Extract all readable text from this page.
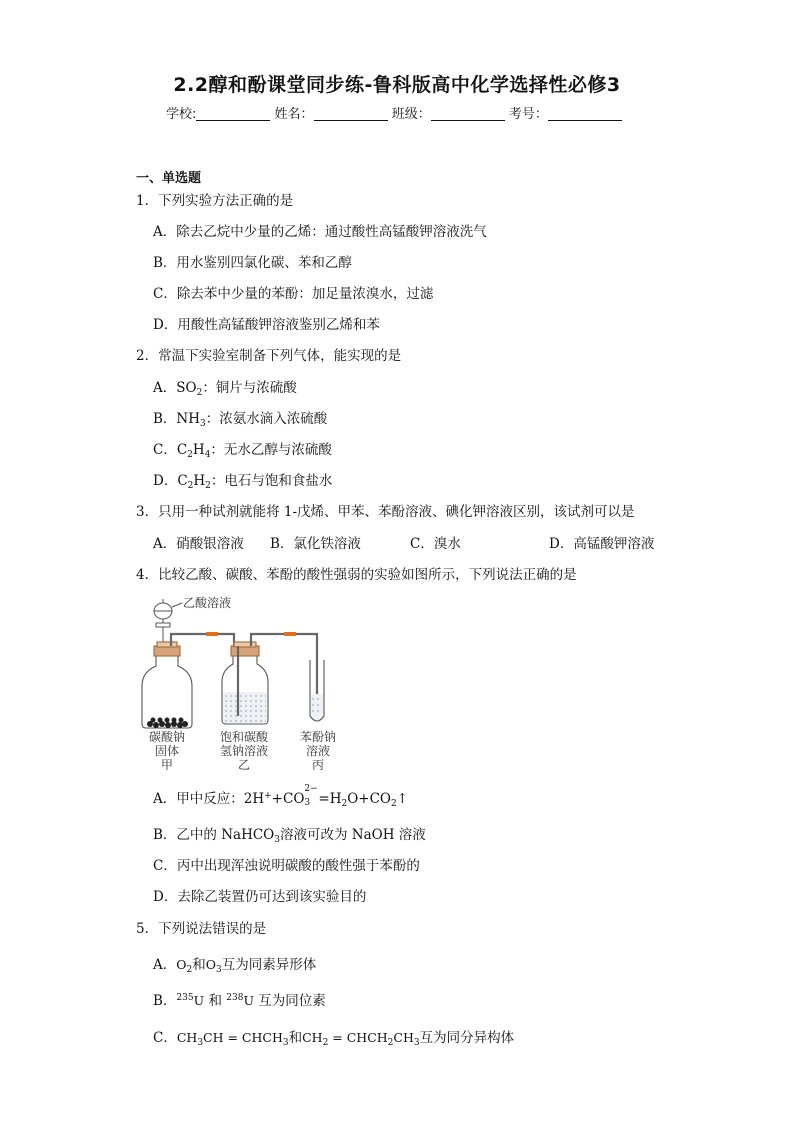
2.2醇和酚课堂同步练-鲁科版高中化学选择性必修3
学校:	姓名：	班级：	考号：
一、单选题
1．下列实验方法正确的是
A．除去乙烷中少量的乙烯：通过酸性高锰酸钾溶液洗气
B．用水鉴别四氯化碳、苯和乙醇
C．除去苯中少量的苯酚：加足量浓溴水，过滤
D．用酸性高锰酸钾溶液鉴别乙烯和苯
2．常温下实验室制备下列气体，能实现的是
A．$SO_2$：铜片与浓硫酸
B．$NH_3$：浓氨水滴入浓硫酸
C．$C_2H_4$：无水乙醇与浓硫酸
D．$C_2H_2$：电石与饱和食盐水
3．只用一种试剂就能将 1-戊烯、甲苯、苯酚溶液、碘化钾溶液区别，该试剂可以是
A．硝酸银溶液 B．氯化铁溶液	C．溴水	D．高锰酸钾溶液
4．比较乙酸、碳酸、苯酚的酸性强弱的实验如图所示，下列说法正确的是
乙酸溶液
碳酸钠
固体
甲
饱和碳酸
氢钠溶液
乙
苯酚钠
溶液
丙
A．甲中反应：2H++CO
2−
$3 =H_2O+CO_2↑$
B．乙中的 NaHCO$_3$溶液可改为 NaOH 溶液
C．丙中出现浑浊说明碳酸的酸性强于苯酚的
D．去除乙装置仍可达到该实验目的
5．下列说法错误的是
A．$O_2$和$O_3$互为同素异形体
B．$^{235}$U 和 $^{238}$U 互为同位素
C．$CH_3CH$ = $CHCH_3$和$CH_2$ = $CHCH_2CH_3$互为同分异构体
